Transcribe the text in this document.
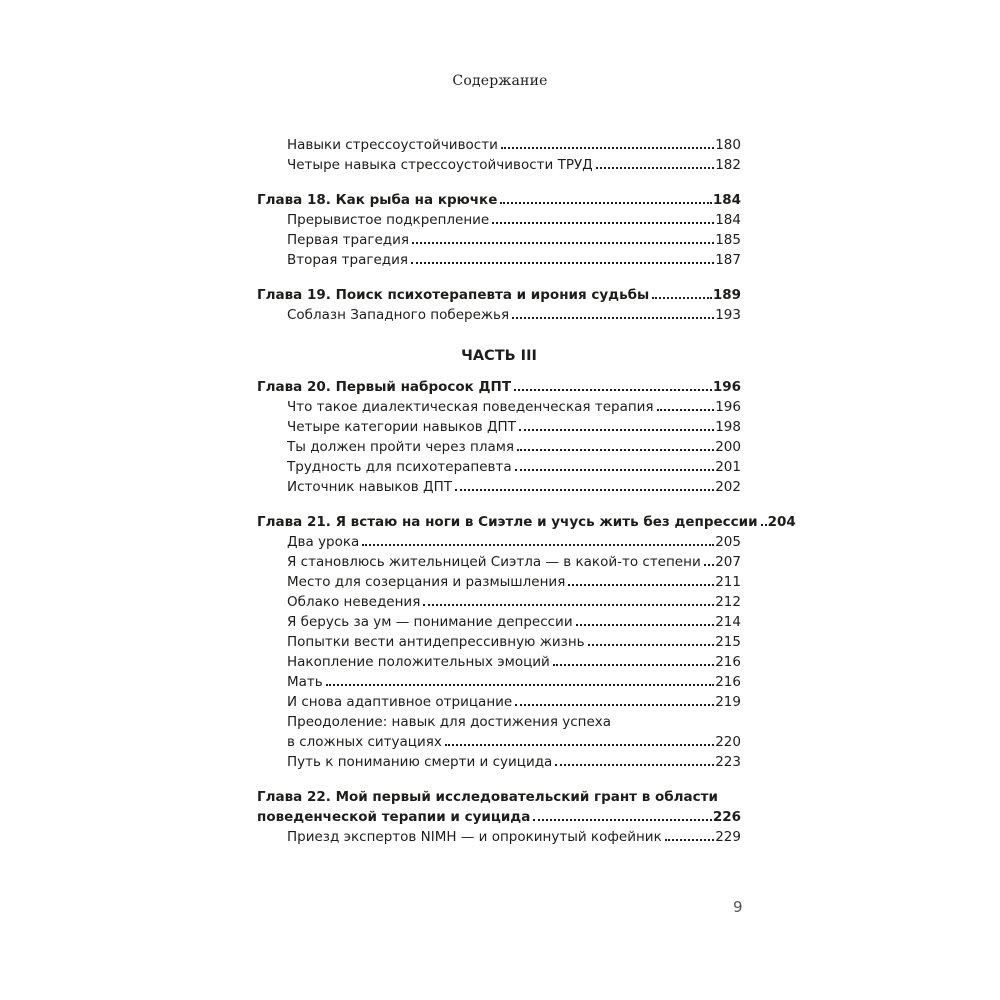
Содержание
Навыки стрессоустойчивости	180
Четыре навыка стрессоустойчивости ТРУД	182
Глава 18. Как рыба на крючке	184
Прерывистое подкрепление	184
Первая трагедия	185
Вторая трагедия	187
Глава 19. Поиск психотерапевта и ирония судьбы	189
Соблазн Западного побережья	193
ЧАСТЬ III
Глава 20. Первый набросок ДПТ	196
Что такое диалектическая поведенческая терапия	196
Четыре категории навыков ДПТ	198
Ты должен пройти через пламя	200
Трудность для психотерапевта	201
Источник навыков ДПТ	202
Глава 21. Я встаю на ноги в Сиэтле и учусь жить без депрессии 204
Два урока	205
Я становлюсь жительницей Сиэтла — в какой-то степени 207
Место для созерцания и размышления	211
Облако неведения	212
Я берусь за ум — понимание депрессии	214
Попытки вести антидепрессивную жизнь	215
Накопление положительных эмоций	216
Мать	216
И снова адаптивное отрицание	219
Преодоление: навык для достижения успеха
в сложных ситуациях	220
Путь к пониманию смерти и суицида	223
Глава 22. Мой первый исследовательский грант в области
поведенческой терапии и суицида	226
Приезд экспертов NIMH — и опрокинутый кофейник	229
9
